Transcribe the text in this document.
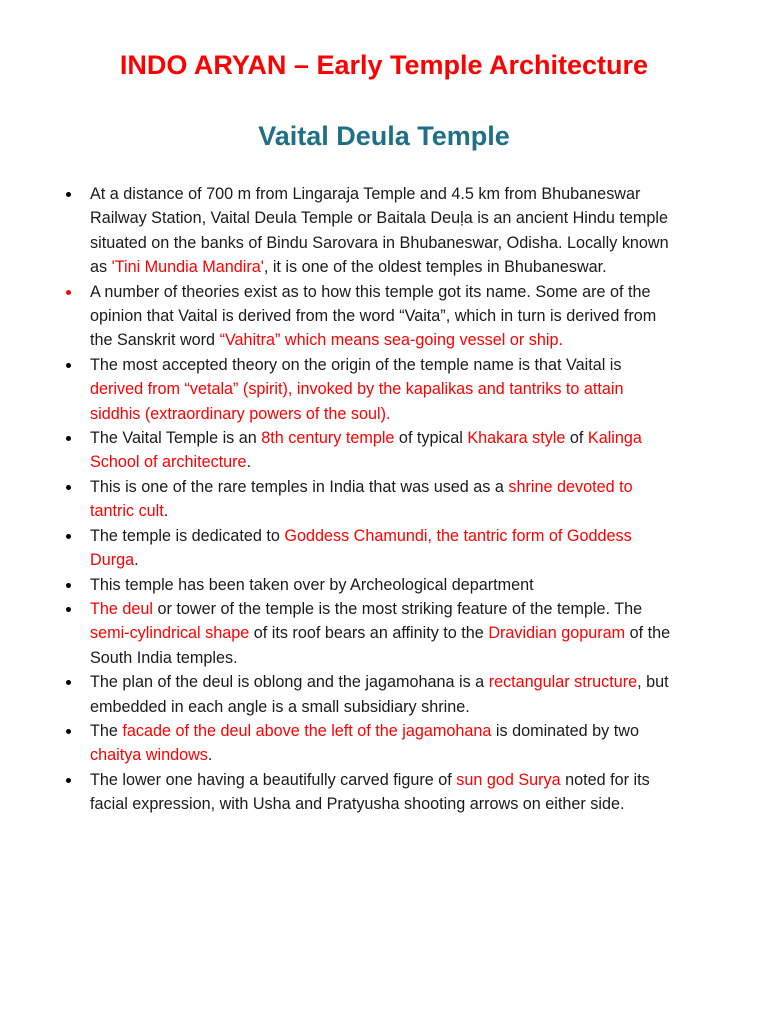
INDO ARYAN – Early Temple Architecture
Vaital Deula Temple
At a distance of 700 m from Lingaraja Temple and 4.5 km from Bhubaneswar
Railway Station, Vaital Deula Temple or Baitala Deuḷa is an ancient Hindu temple
situated on the banks of Bindu Sarovara in Bhubaneswar, Odisha. Locally known
as 'Tini Mundia Mandira', it is one of the oldest temples in Bhubaneswar.
A number of theories exist as to how this temple got its name. Some are of the
opinion that Vaital is derived from the word “Vaita”, which in turn is derived from
the Sanskrit word “Vahitra” which means sea-going vessel or ship.
The most accepted theory on the origin of the temple name is that Vaital is
derived from “vetala” (spirit), invoked by the kapalikas and tantriks to attain
siddhis (extraordinary powers of the soul).
The Vaital Temple is an 8th century temple of typical Khakara style of Kalinga
School of architecture.
This is one of the rare temples in India that was used as a shrine devoted to
tantric cult.
The temple is dedicated to Goddess Chamundi, the tantric form of Goddess
Durga.
This temple has been taken over by Archeological department
The deul or tower of the temple is the most striking feature of the temple. The
semi-cylindrical shape of its roof bears an affinity to the Dravidian gopuram of the
South India temples.
The plan of the deul is oblong and the jagamohana is a rectangular structure, but
embedded in each angle is a small subsidiary shrine.
The facade of the deul above the left of the jagamohana is dominated by two
chaitya windows.
The lower one having a beautifully carved figure of sun god Surya noted for its
facial expression, with Usha and Pratyusha shooting arrows on either side.
